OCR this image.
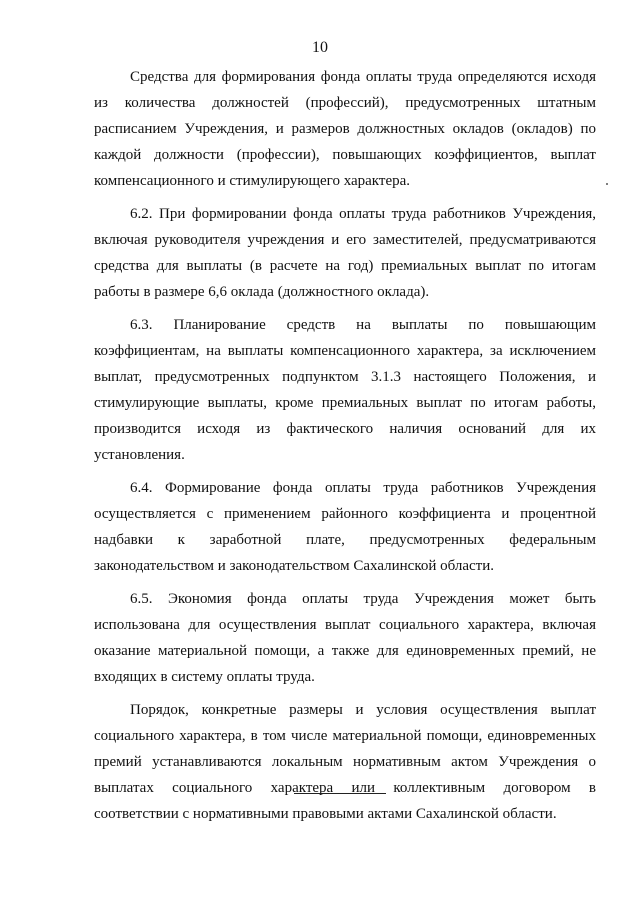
10

Средства для формирования фонда оплаты труда определяются исходя из количества должностей (профессий), предусмотренных штатным расписанием Учреждения, и размеров должностных окладов (окладов) по каждой должности (профессии), повышающих коэффициентов, выплат компенсационного и стимулирующего характера.

6.2. При формировании фонда оплаты труда работников Учреждения, включая руководителя учреждения и его заместителей, предусматриваются средства для выплаты (в расчете на год) премиальных выплат по итогам работы в размере 6,6 оклада (должностного оклада).

6.3. Планирование средств на выплаты по повышающим коэффициентам, на выплаты компенсационного характера, за исключением выплат, предусмотренных подпунктом 3.1.3 настоящего Положения, и стимулирующие выплаты, кроме премиальных выплат по итогам работы, производится исходя из фактического наличия оснований для их установления.

6.4. Формирование фонда оплаты труда работников Учреждения осуществляется с применением районного коэффициента и процентной надбавки к заработной плате, предусмотренных федеральным законодательством и законодательством Сахалинской области.

6.5. Экономия фонда оплаты труда Учреждения может быть использована для осуществления выплат социального характера, включая оказание материальной помощи, а также для единовременных премий, не входящих в систему оплаты труда.

Порядок, конкретные размеры и условия осуществления выплат социального характера, в том числе материальной помощи, единовременных премий устанавливаются локальным нормативным актом Учреждения о выплатах социального характера или коллективным договором в соответствии с нормативными правовыми актами Сахалинской области.
